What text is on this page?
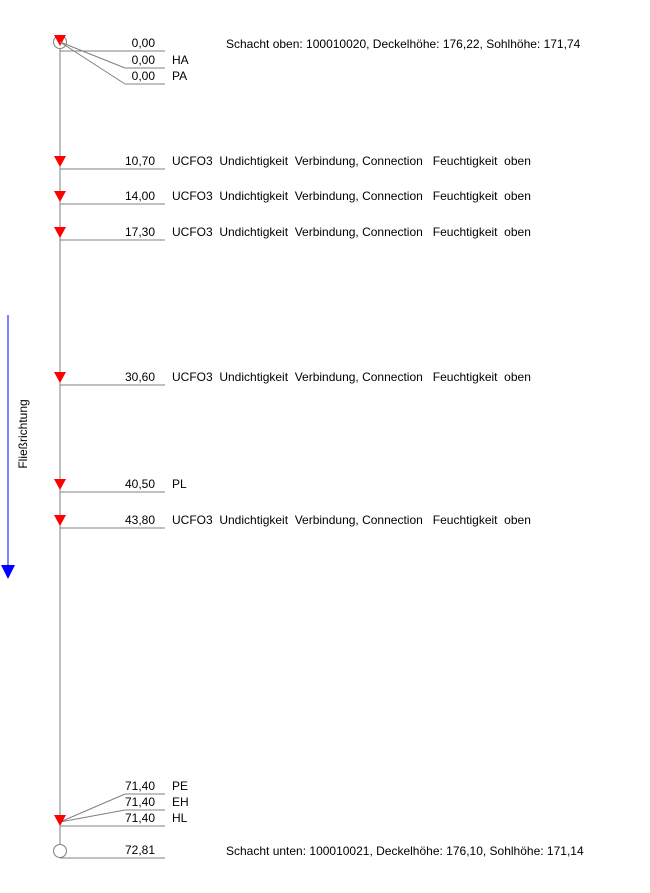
Schacht oben: 100010020, Deckelhöhe: 176,22, Sohlhöhe: 171,74
Schacht unten: 100010021, Deckelhöhe: 176,10, Sohlhöhe: 171,14
Fließrichtung
0,00
0,00 HA
0,00 PA
10,70 UCFO3  Undichtigkeit  Verbindung, Connection   Feuchtigkeit  oben
14,00 UCFO3  Undichtigkeit  Verbindung, Connection   Feuchtigkeit  oben
17,30 UCFO3  Undichtigkeit  Verbindung, Connection   Feuchtigkeit  oben
30,60 UCFO3  Undichtigkeit  Verbindung, Connection   Feuchtigkeit  oben
40,50 PL
43,80 UCFO3  Undichtigkeit  Verbindung, Connection   Feuchtigkeit  oben
71,40 PE
71,40 EH
71,40 HL
72,81
